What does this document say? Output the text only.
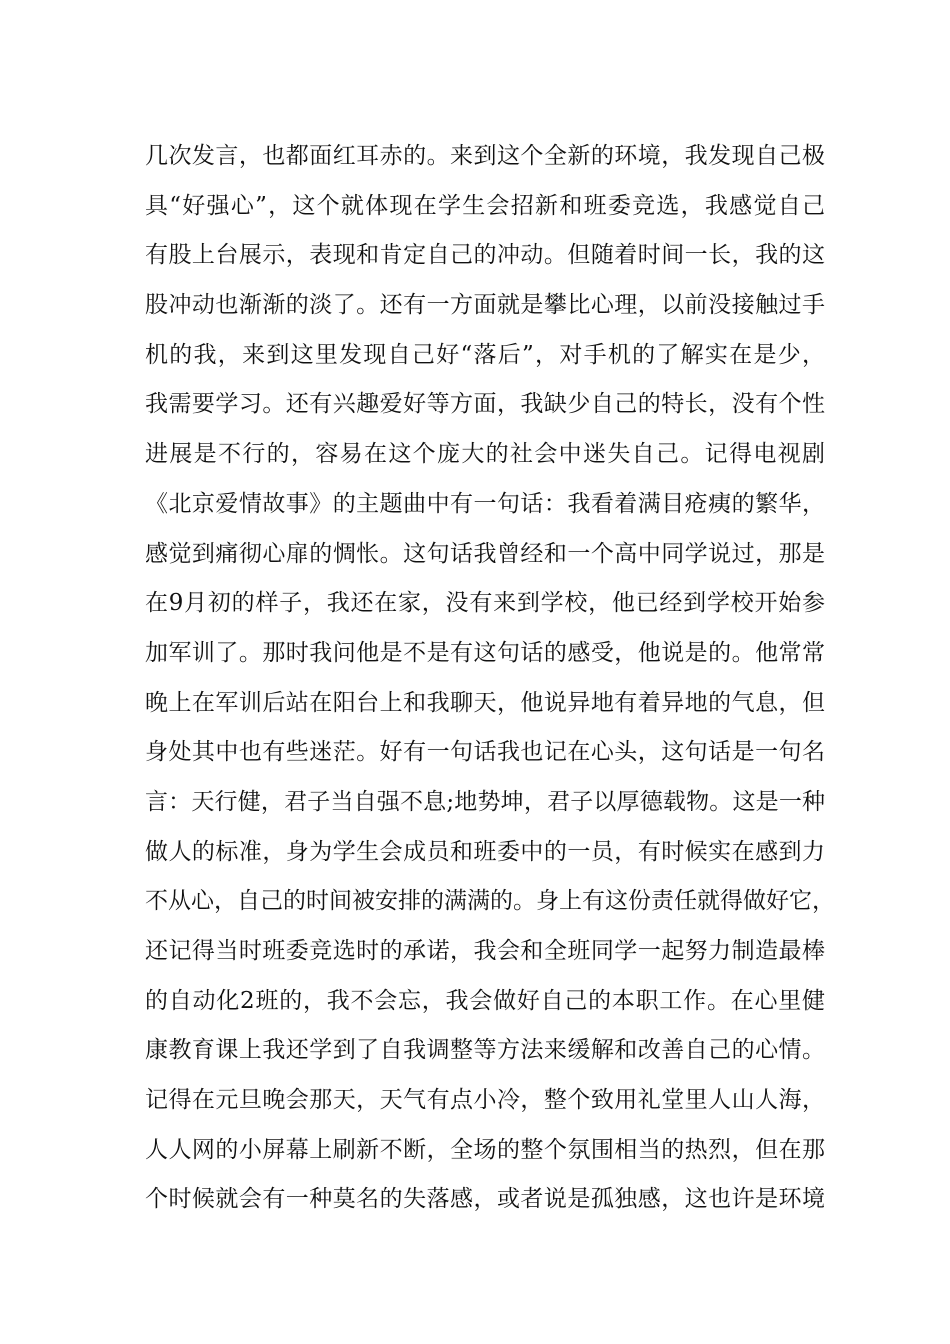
几次发言，也都面红耳赤的。来到这个全新的环境，我发现自己极
具“好强心”，这个就体现在学生会招新和班委竞选，我感觉自己
有股上台展示，表现和肯定自己的冲动。但随着时间一长，我的这
股冲动也渐渐的淡了。还有一方面就是攀比心理，以前没接触过手
机的我，来到这里发现自己好“落后”，对手机的了解实在是少，
我需要学习。还有兴趣爱好等方面，我缺少自己的特长，没有个性
进展是不行的，容易在这个庞大的社会中迷失自己。记得电视剧
《北京爱情故事》的主题曲中有一句话：我看着满目疮痍的繁华，
感觉到痛彻心扉的惆怅。这句话我曾经和一个高中同学说过，那是
在9月初的样子，我还在家，没有来到学校，他已经到学校开始参
加军训了。那时我问他是不是有这句话的感受，他说是的。他常常
晚上在军训后站在阳台上和我聊天，他说异地有着异地的气息，但
身处其中也有些迷茫。好有一句话我也记在心头，这句话是一句名
言：天行健，君子当自强不息;地势坤，君子以厚德载物。这是一种
做人的标准，身为学生会成员和班委中的一员，有时候实在感到力
不从心，自己的时间被安排的满满的。身上有这份责任就得做好它，
还记得当时班委竞选时的承诺，我会和全班同学一起努力制造最棒
的自动化2班的，我不会忘，我会做好自己的本职工作。在心里健
康教育课上我还学到了自我调整等方法来缓解和改善自己的心情。
记得在元旦晚会那天，天气有点小冷，整个致用礼堂里人山人海，
人人网的小屏幕上刷新不断，全场的整个氛围相当的热烈，但在那
个时候就会有一种莫名的失落感，或者说是孤独感，这也许是环境
